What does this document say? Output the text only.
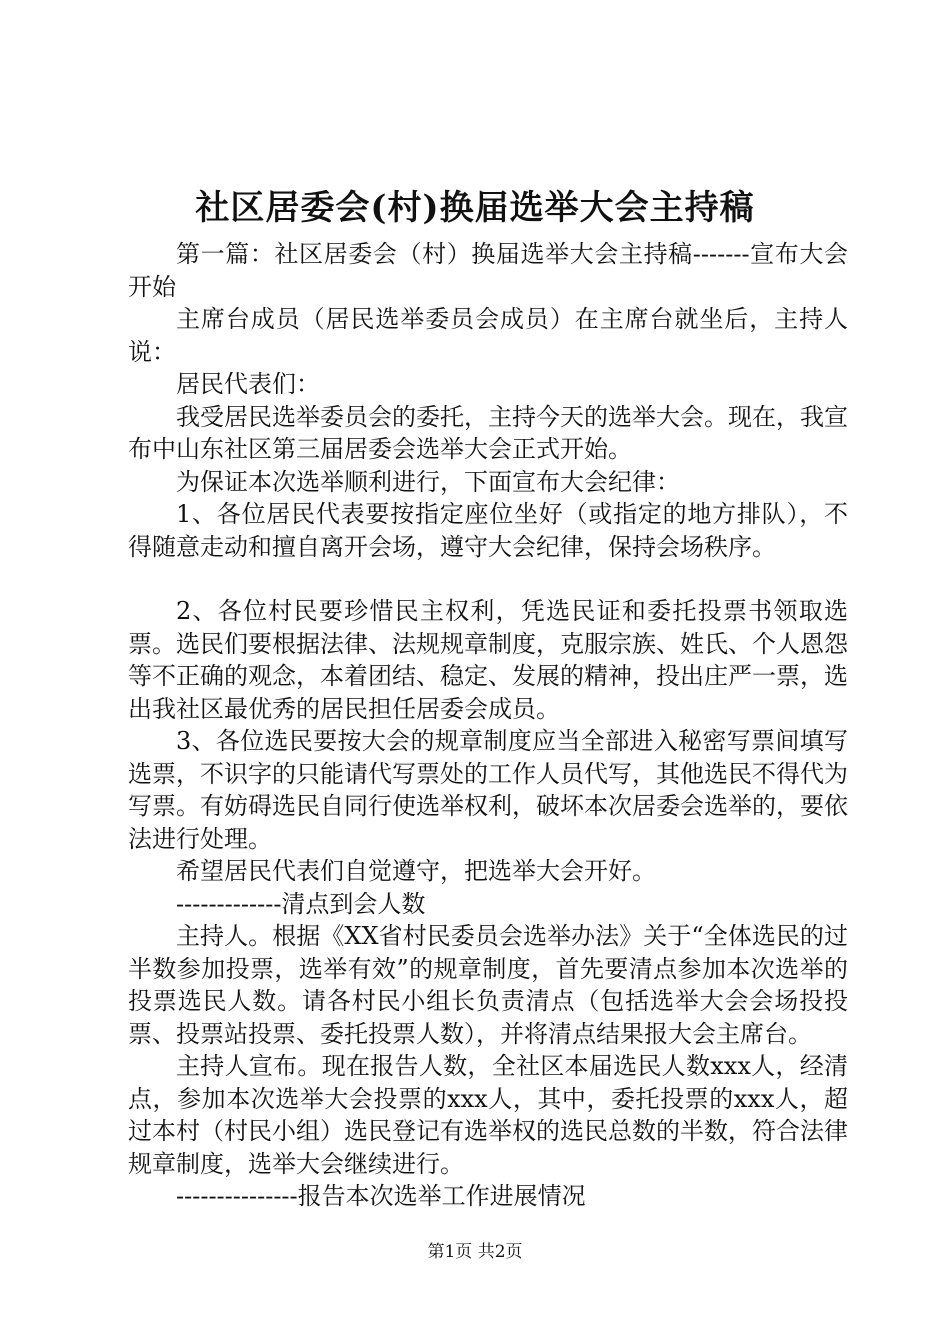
社区居委会(村)换届选举大会主持稿

第一篇：社区居委会（村）换届选举大会主持稿-------宣布大会开始

主席台成员（居民选举委员会成员）在主席台就坐后，主持人说：

居民代表们：

我受居民选举委员会的委托，主持今天的选举大会。现在，我宣布中山东社区第三届居委会选举大会正式开始。

为保证本次选举顺利进行，下面宣布大会纪律：

1、各位居民代表要按指定座位坐好（或指定的地方排队），不得随意走动和擅自离开会场，遵守大会纪律，保持会场秩序。

2、各位村民要珍惜民主权利，凭选民证和委托投票书领取选票。选民们要根据法律、法规规章制度，克服宗族、姓氏、个人恩怨等不正确的观念，本着团结、稳定、发展的精神，投出庄严一票，选出我社区最优秀的居民担任居委会成员。

3、各位选民要按大会的规章制度应当全部进入秘密写票间填写选票，不识字的只能请代写票处的工作人员代写，其他选民不得代为写票。有妨碍选民自同行使选举权利，破坏本次居委会选举的，要依法进行处理。

希望居民代表们自觉遵守，把选举大会开好。

-------------清点到会人数

主持人。根据《XX省村民委员会选举办法》关于“全体选民的过半数参加投票，选举有效”的规章制度，首先要清点参加本次选举的投票选民人数。请各村民小组长负责清点（包括选举大会会场投投票、投票站投票、委托投票人数），并将清点结果报大会主席台。

主持人宣布。现在报告人数，全社区本届选民人数xxx人，经清点，参加本次选举大会投票的xxx人，其中，委托投票的xxx人，超过本村（村民小组）选民登记有选举权的选民总数的半数，符合法律规章制度，选举大会继续进行。

---------------报告本次选举工作进展情况

第1页 共2页
